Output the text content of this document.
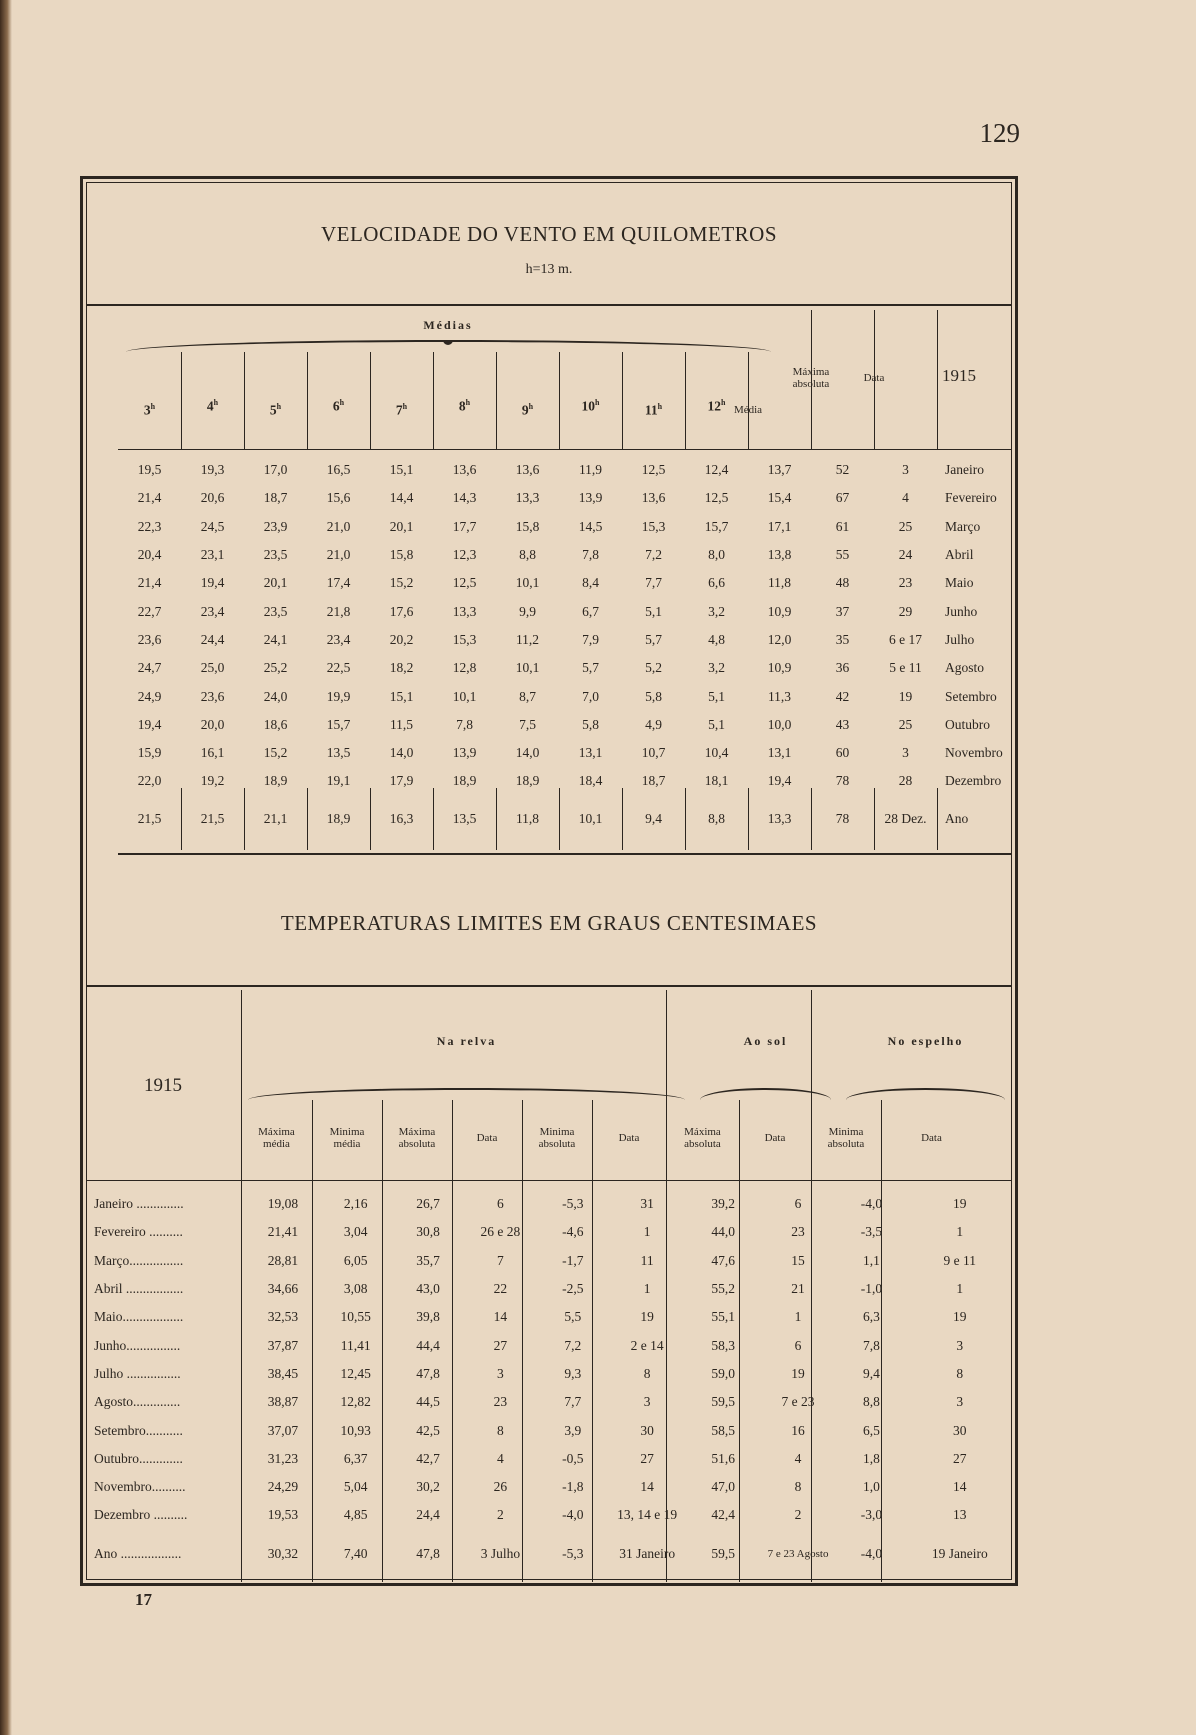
129
VELOCIDADE DO VENTO EM QUILOMETROS
h=13 m.
Médias
3$^h$	4$^h$	5$^h$	6$^h$	7$^h$	8$^h$	9$^h$	10$^h$	11$^h$	12$^h$
Média
Máxima
absoluta	Data	1915
19,5	19,3	17,0	16,5	15,1	13,6	13,6	11,9	12,5	12,4	13,7	52	3	Janeiro
21,4	20,6	18,7	15,6	14,4	14,3	13,3	13,9	13,6	12,5	15,4	67	4	Fevereiro
22,3	24,5	23,9	21,0	20,1	17,7	15,8	14,5	15,3	15,7	17,1	61	25	Março
20,4	23,1	23,5	21,0	15,8	12,3	8,8	7,8	7,2	8,0	13,8	55	24	Abril
21,4	19,4	20,1	17,4	15,2	12,5	10,1	8,4	7,7	6,6	11,8	48	23	Maio
22,7	23,4	23,5	21,8	17,6	13,3	9,9	6,7	5,1	3,2	10,9	37	29	Junho
23,6	24,4	24,1	23,4	20,2	15,3	11,2	7,9	5,7	4,8	12,0	35	6 e 17	Julho
24,7	25,0	25,2	22,5	18,2	12,8	10,1	5,7	5,2	3,2	10,9	36	5 e 11	Agosto
24,9	23,6	24,0	19,9	15,1	10,1	8,7	7,0	5,8	5,1	11,3	42	19	Setembro
19,4	20,0	18,6	15,7	11,5	7,8	7,5	5,8	4,9	5,1	10,0	43	25	Outubro
15,9	16,1	15,2	13,5	14,0	13,9	14,0	13,1	10,7	10,4	13,1	60	3	Novembro
22,0	19,2	18,9	19,1	17,9	18,9	18,9	18,4	18,7	18,1	19,4	78	28	Dezembro
21,5	21,5	21,1	18,9	16,3	13,5	11,8	10,1	9,4	8,8	13,3	78	28 Dez.	Ano
TEMPERATURAS LIMITES EM GRAUS CENTESIMAES
1915
Na relva	Ao sol	No espelho
Máxima
média
Minima
média
Máxima
absoluta	Data	Minima
absoluta	Data	Máxima
absoluta	Data	Minima
absoluta	Data
Janeiro ..............	19,08	2,16	26,7	6	-5,3	31	39,2	6	-4,0	19
Fevereiro ..........	21,41	3,04	30,8	26 e 28	-4,6	1	44,0	23	-3,5	1
Março................	28,81	6,05	35,7	7	-1,7	11	47,6	15	1,1	9 e 11
Abril .................	34,66	3,08	43,0	22	-2,5	1	55,2	21	-1,0	1
Maio..................	32,53	10,55	39,8	14	5,5	19	55,1	1	6,3	19
Junho................	37,87	11,41	44,4	27	7,2	2 e 14	58,3	6	7,8	3
Julho ................	38,45	12,45	47,8	3	9,3	8	59,0	19	9,4	8
Agosto..............	38,87	12,82	44,5	23	7,7	3	59,5	7 e 23	8,8	3
Setembro...........	37,07	10,93	42,5	8	3,9	30	58,5	16	6,5	30
Outubro.............	31,23	6,37	42,7	4	-0,5	27	51,6	4	1,8	27
Novembro..........	24,29	5,04	30,2	26	-1,8	14	47,0	8	1,0	14
Dezembro ..........	19,53	4,85	24,4	2	-4,0	13, 14 e 19	42,4	2	-3,0	13
Ano ..................	30,32	7,40	47,8	3 Julho	-5,3	31 Janeiro	59,5	7 e 23 Agosto	-4,0	19 Janeiro
17
